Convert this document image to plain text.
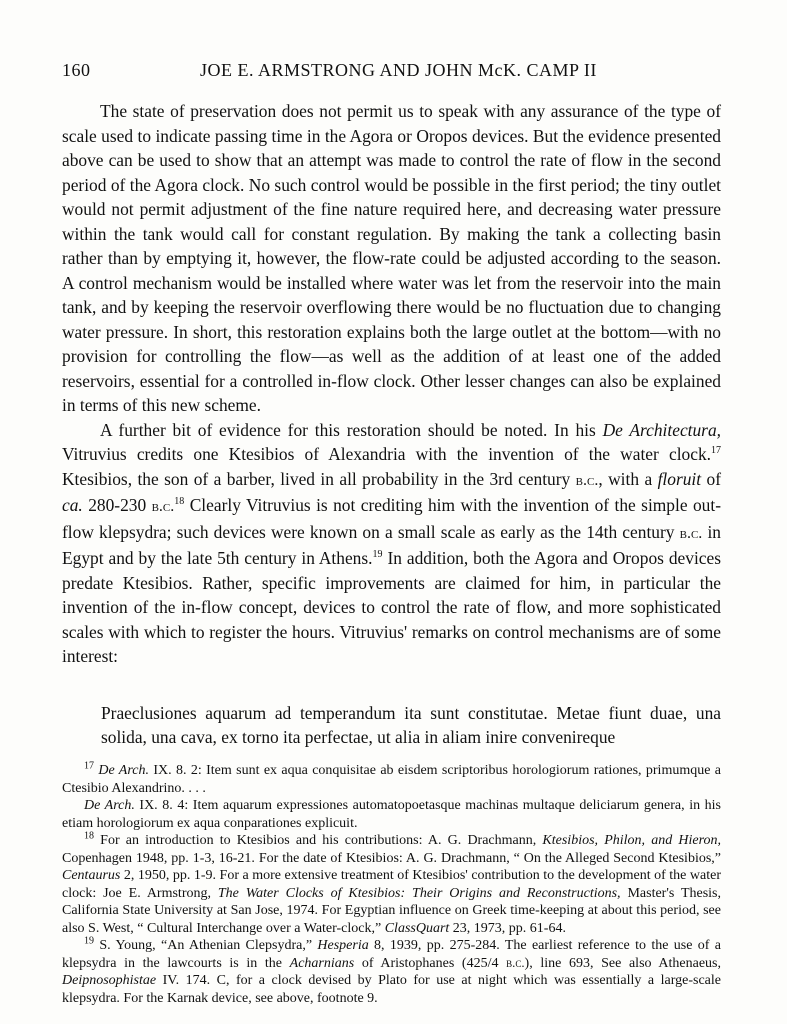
160	JOE E. ARMSTRONG AND JOHN McK. CAMP II

The state of preservation does not permit us to speak with any assurance of the type of scale used to indicate passing time in the Agora or Oropos devices. But the evidence presented above can be used to show that an attempt was made to control the rate of flow in the second period of the Agora clock. No such control would be possible in the first period; the tiny outlet would not permit adjustment of the fine nature required here, and decreasing water pressure within the tank would call for constant regulation. By making the tank a collecting basin rather than by emptying it, however, the flow-rate could be adjusted according to the season. A control mechanism would be installed where water was let from the reservoir into the main tank, and by keeping the reservoir overflowing there would be no fluctuation due to changing water pressure. In short, this restoration explains both the large outlet at the bottom—with no provision for controlling the flow—as well as the addition of at least one of the added reservoirs, essential for a controlled in-flow clock. Other lesser changes can also be explained in terms of this new scheme.

A further bit of evidence for this restoration should be noted. In his De Architectura, Vitruvius credits one Ktesibios of Alexandria with the invention of the water clock.$^{17}$ Ktesibios, the son of a barber, lived in all probability in the 3rd century b.c., with a floruit of ca. 280-230 b.c.$^{18}$ Clearly Vitruvius is not crediting him with the invention of the simple out-flow klepsydra; such devices were known on a small scale as early as the 14th century b.c. in Egypt and by the late 5th century in Athens.$^{19}$ In addition, both the Agora and Oropos devices predate Ktesibios. Rather, specific improvements are claimed for him, in particular the invention of the in-flow concept, devices to control the rate of flow, and more sophisticated scales with which to register the hours. Vitruvius' remarks on control mechanisms are of some interest:

Praeclusiones aquarum ad temperandum ita sunt constitutae. Metae fiunt duae, una solida, una cava, ex torno ita perfectae, ut alia in aliam inire convenireque

$^{17}$ De Arch. IX. 8. 2: Item sunt ex aqua conquisitae ab eisdem scriptoribus horologiorum rationes, primumque a Ctesibio Alexandrino. . . .

De Arch. IX. 8. 4: Item aquarum expressiones automatopoetasque machinas multaque deliciarum genera, in his etiam horologiorum ex aqua conparationes explicuit.

$^{18}$ For an introduction to Ktesibios and his contributions: A. G. Drachmann, Ktesibios, Philon, and Hieron, Copenhagen 1948, pp. 1-3, 16-21. For the date of Ktesibios: A. G. Drachmann, “ On the Alleged Second Ktesibios,” Centaurus 2, 1950, pp. 1-9. For a more extensive treatment of Ktesibios' contribution to the development of the water clock: Joe E. Armstrong, The Water Clocks of Ktesibios: Their Origins and Reconstructions, Master's Thesis, California State University at San Jose, 1974. For Egyptian influence on Greek time-keeping at about this period, see also S. West, “ Cultural Interchange over a Water-clock,” ClassQuart 23, 1973, pp. 61-64.

$^{19}$ S. Young, “An Athenian Clepsydra,” Hesperia 8, 1939, pp. 275-284. The earliest reference to the use of a klepsydra in the lawcourts is in the Acharnians of Aristophanes (425/4 b.c.), line 693, See also Athenaeus, Deipnosophistae IV. 174. C, for a clock devised by Plato for use at night which was essentially a large-scale klepsydra. For the Karnak device, see above, footnote 9.
